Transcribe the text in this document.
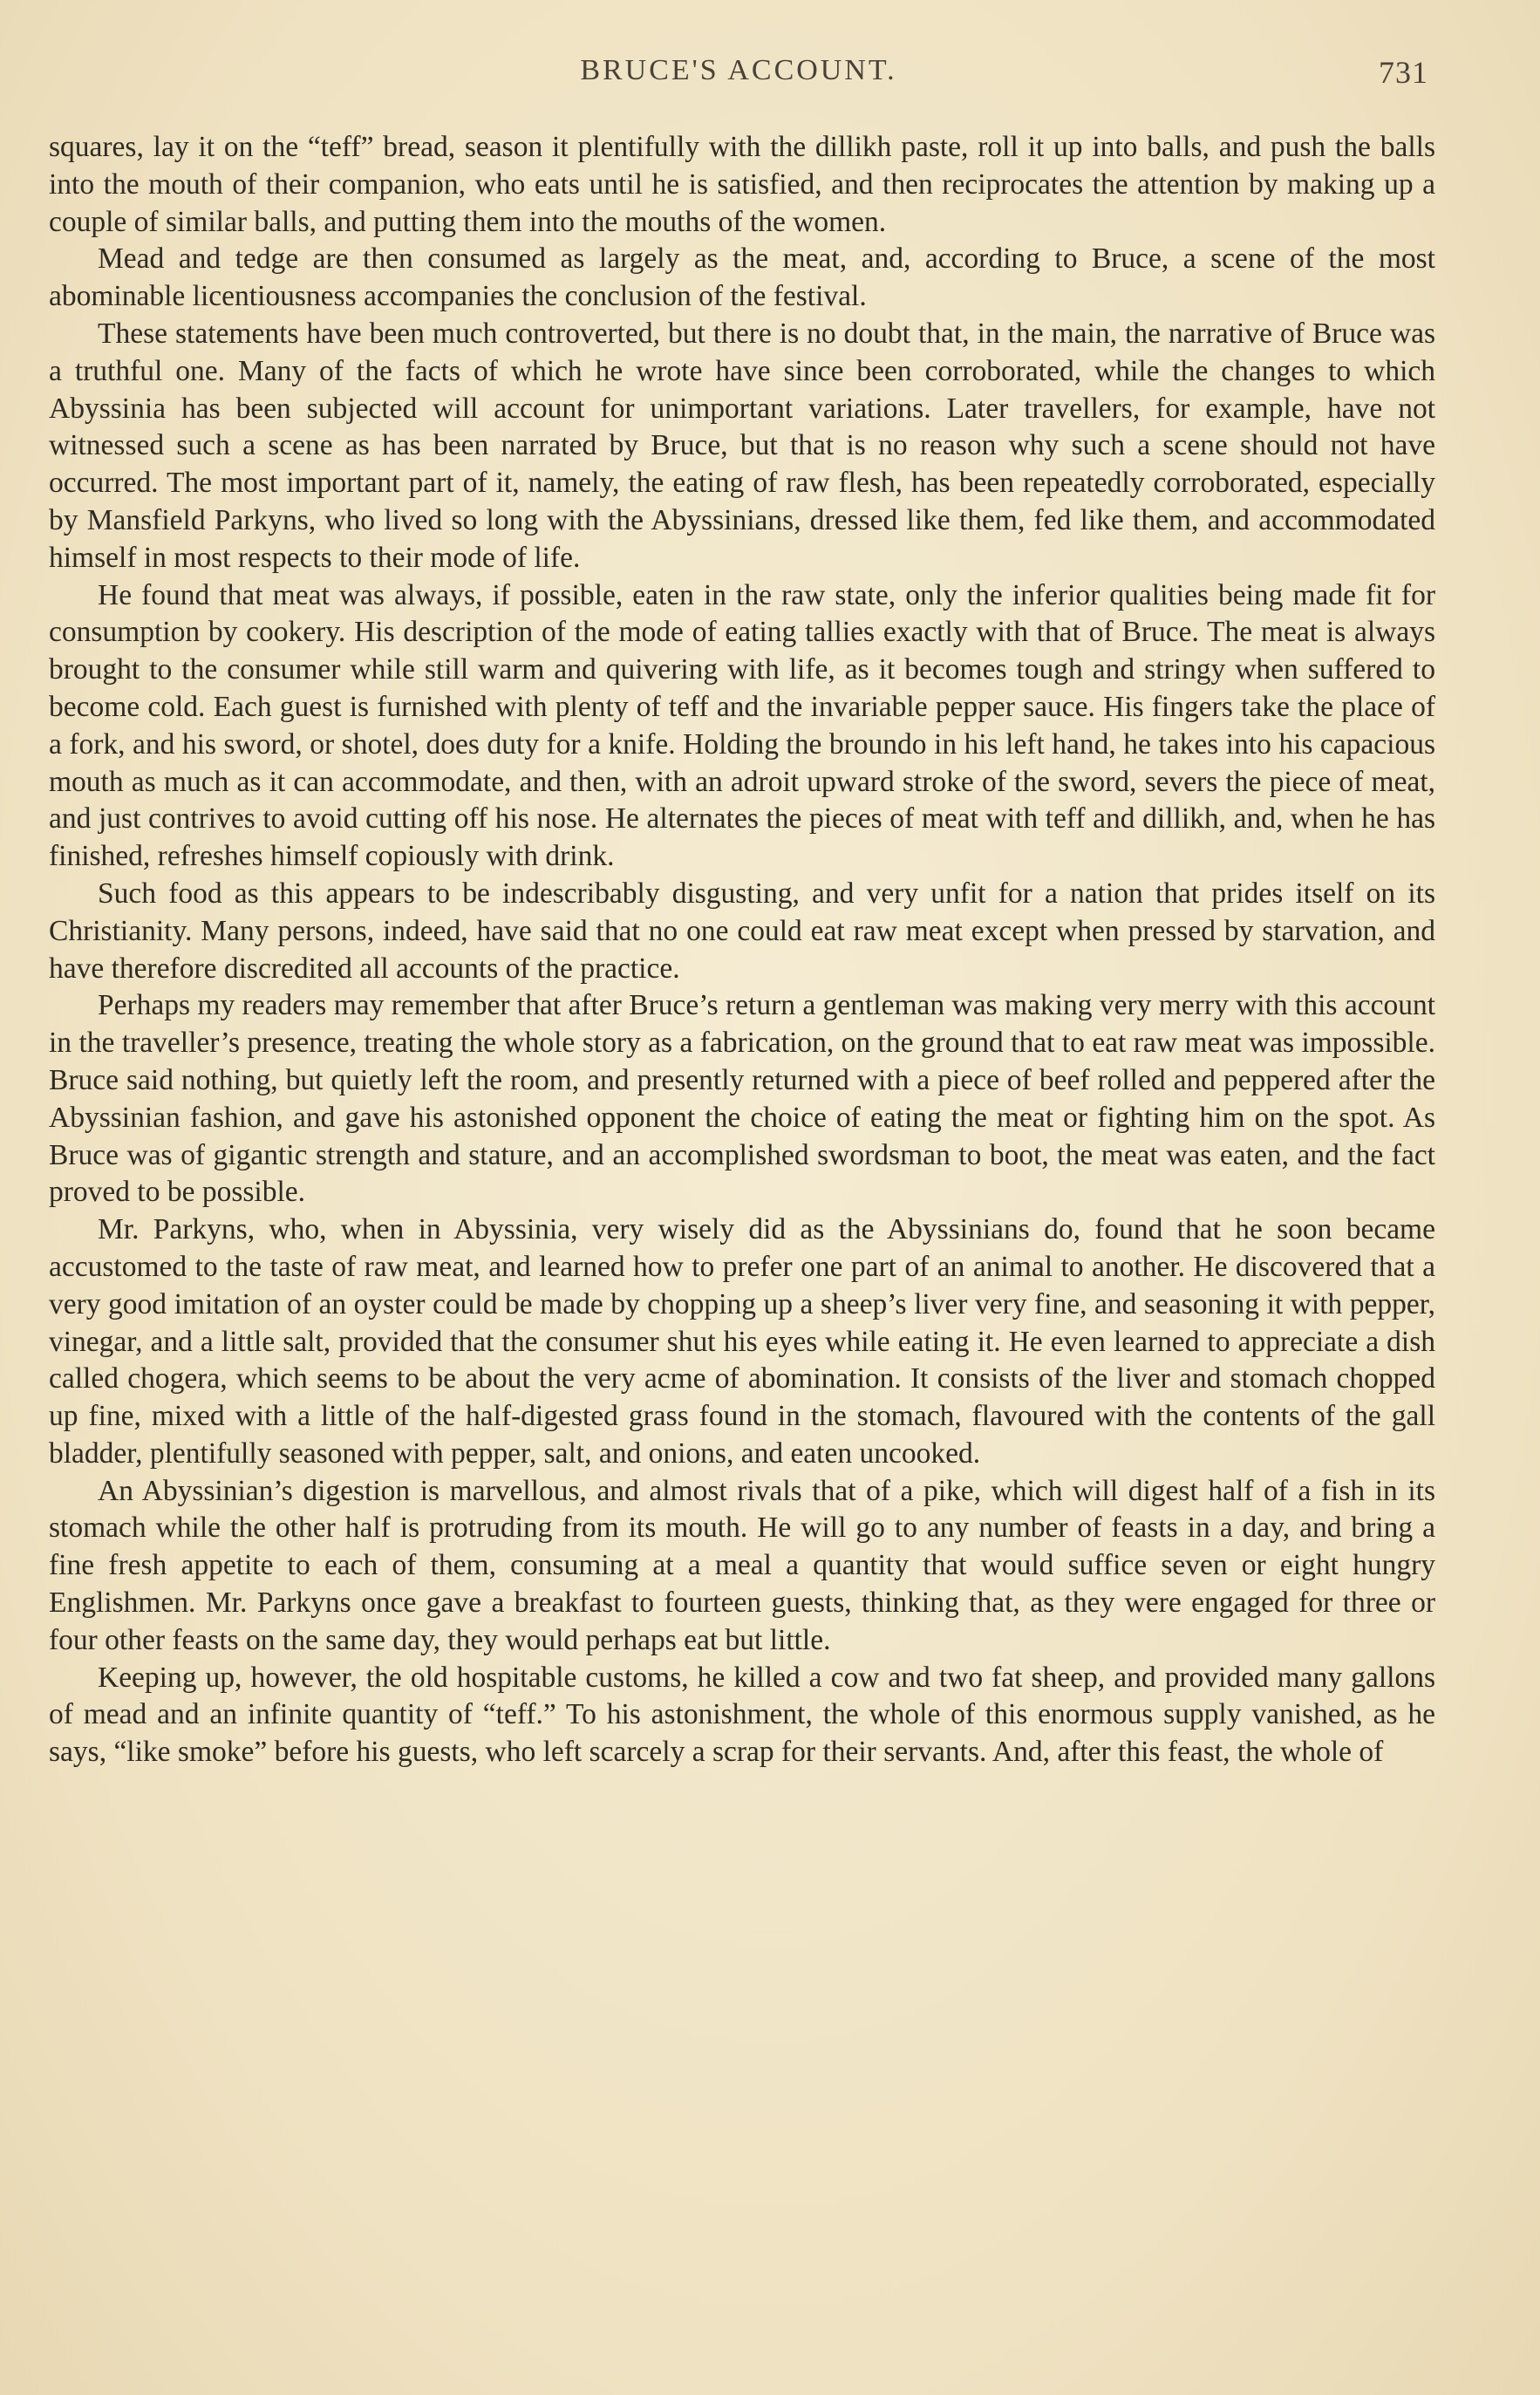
BRUCE'S ACCOUNT.	731

squares, lay it on the “teff” bread, season it plentifully with the dillikh paste, roll it up into balls, and push the balls into the mouth of their companion, who eats until he is satisfied, and then reciprocates the attention by making up a couple of similar balls, and putting them into the mouths of the women.

Mead and tedge are then consumed as largely as the meat, and, according to Bruce, a scene of the most abominable licentiousness accompanies the conclusion of the festival.

These statements have been much controverted, but there is no doubt that, in the main, the narrative of Bruce was a truthful one. Many of the facts of which he wrote have since been corroborated, while the changes to which Abyssinia has been subjected will account for unimportant variations. Later travellers, for example, have not witnessed such a scene as has been narrated by Bruce, but that is no reason why such a scene should not have occurred. The most important part of it, namely, the eating of raw flesh, has been repeatedly corroborated, especially by Mansfield Parkyns, who lived so long with the Abyssinians, dressed like them, fed like them, and accommodated himself in most respects to their mode of life.

He found that meat was always, if possible, eaten in the raw state, only the inferior qualities being made fit for consumption by cookery. His description of the mode of eating tallies exactly with that of Bruce. The meat is always brought to the consumer while still warm and quivering with life, as it becomes tough and stringy when suffered to become cold. Each guest is furnished with plenty of teff and the invariable pepper sauce. His fingers take the place of a fork, and his sword, or shotel, does duty for a knife. Holding the broundo in his left hand, he takes into his capacious mouth as much as it can accommodate, and then, with an adroit upward stroke of the sword, severs the piece of meat, and just contrives to avoid cutting off his nose. He alternates the pieces of meat with teff and dillikh, and, when he has finished, refreshes himself copiously with drink.

Such food as this appears to be indescribably disgusting, and very unfit for a nation that prides itself on its Christianity. Many persons, indeed, have said that no one could eat raw meat except when pressed by starvation, and have therefore discredited all accounts of the practice.

Perhaps my readers may remember that after Bruce’s return a gentleman was making very merry with this account in the traveller’s presence, treating the whole story as a fabrication, on the ground that to eat raw meat was impossible. Bruce said nothing, but quietly left the room, and presently returned with a piece of beef rolled and peppered after the Abyssinian fashion, and gave his astonished opponent the choice of eating the meat or fighting him on the spot. As Bruce was of gigantic strength and stature, and an accomplished swordsman to boot, the meat was eaten, and the fact proved to be possible.

Mr. Parkyns, who, when in Abyssinia, very wisely did as the Abyssinians do, found that he soon became accustomed to the taste of raw meat, and learned how to prefer one part of an animal to another. He discovered that a very good imitation of an oyster could be made by chopping up a sheep’s liver very fine, and seasoning it with pepper, vinegar, and a little salt, provided that the consumer shut his eyes while eating it. He even learned to appreciate a dish called chogera, which seems to be about the very acme of abomination. It consists of the liver and stomach chopped up fine, mixed with a little of the half-digested grass found in the stomach, flavoured with the contents of the gall bladder, plentifully seasoned with pepper, salt, and onions, and eaten uncooked.

An Abyssinian’s digestion is marvellous, and almost rivals that of a pike, which will digest half of a fish in its stomach while the other half is protruding from its mouth. He will go to any number of feasts in a day, and bring a fine fresh appetite to each of them, consuming at a meal a quantity that would suffice seven or eight hungry Englishmen. Mr. Parkyns once gave a breakfast to fourteen guests, thinking that, as they were engaged for three or four other feasts on the same day, they would perhaps eat but little.

Keeping up, however, the old hospitable customs, he killed a cow and two fat sheep, and provided many gallons of mead and an infinite quantity of “teff.” To his astonishment, the whole of this enormous supply vanished, as he says, “like smoke” before his guests, who left scarcely a scrap for their servants. And, after this feast, the whole of
